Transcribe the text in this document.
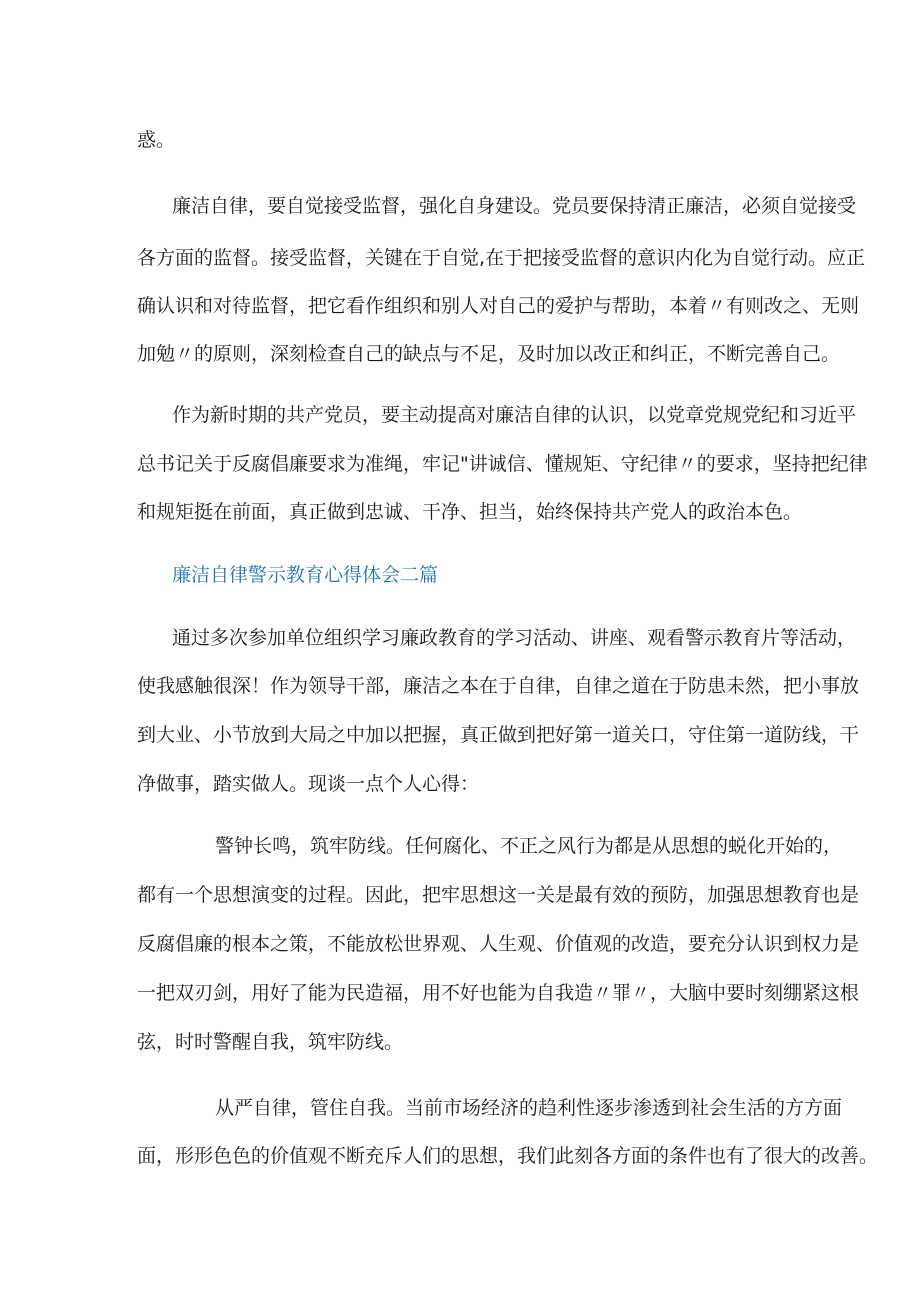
惑。

廉洁自律，要自觉接受监督，强化自身建设。党员要保持清正廉洁，必须自觉接受

各方面的监督。接受监督，关键在于自觉,在于把接受监督的意识内化为自觉行动。应正

确认识和对待监督，把它看作组织和别人对自己的爱护与帮助，本着〃有则改之、无则

加勉〃的原则，深刻检查自己的缺点与不足，及时加以改正和纠正，不断完善自己。

作为新时期的共产党员，要主动提高对廉洁自律的认识，以党章党规党纪和习近平

总书记关于反腐倡廉要求为准绳，牢记"讲诚信、懂规矩、守纪律〃的要求，坚持把纪律

和规矩挺在前面，真正做到忠诚、干净、担当，始终保持共产党人的政治本色。

廉洁自律警示教育心得体会二篇

通过多次参加单位组织学习廉政教育的学习活动、讲座、观看警示教育片等活动，

使我感触很深！作为领导干部，廉洁之本在于自律，自律之道在于防患未然，把小事放

到大业、小节放到大局之中加以把握，真正做到把好第一道关口，守住第一道防线，干

净做事，踏实做人。现谈一点个人心得：

警钟长鸣，筑牢防线。任何腐化、不正之风行为都是从思想的蜕化开始的，

都有一个思想演变的过程。因此，把牢思想这一关是最有效的预防，加强思想教育也是

反腐倡廉的根本之策，不能放松世界观、人生观、价值观的改造，要充分认识到权力是

一把双刃剑，用好了能为民造福，用不好也能为自我造〃罪〃，大脑中要时刻绷紧这根

弦，时时警醒自我，筑牢防线。

从严自律，管住自我。当前市场经济的趋利性逐步渗透到社会生活的方方面

面，形形色色的价值观不断充斥人们的思想，我们此刻各方面的条件也有了很大的改善。
